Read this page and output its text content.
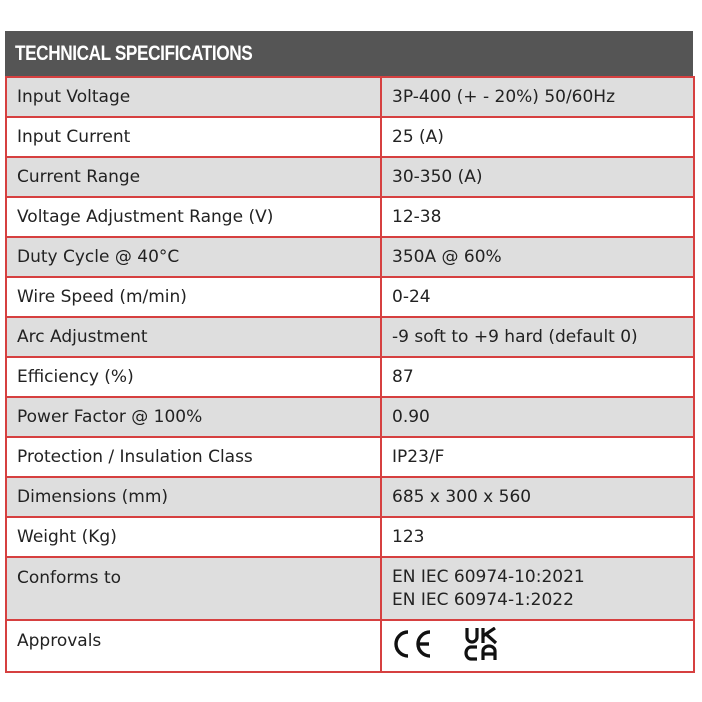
TECHNICAL SPECIFICATIONS
Input Voltage	3P-400 (+ - 20%) 50/60Hz
Input Current	25 (A)
Current Range	30-350 (A)
Voltage Adjustment Range (V)	12-38
Duty Cycle @ 40°C	350A @ 60%
Wire Speed (m/min)	0-24
Arc Adjustment	-9 soft to +9 hard (default 0)
Efficiency (%)	87
Power Factor @ 100%	0.90
Protection / Insulation Class	IP23/F
Dimensions (mm)	685 x 300 x 560
Weight (Kg)	123
Conforms to	EN IEC 60974-10:2021
EN IEC 60974-1:2022

Approvals	
